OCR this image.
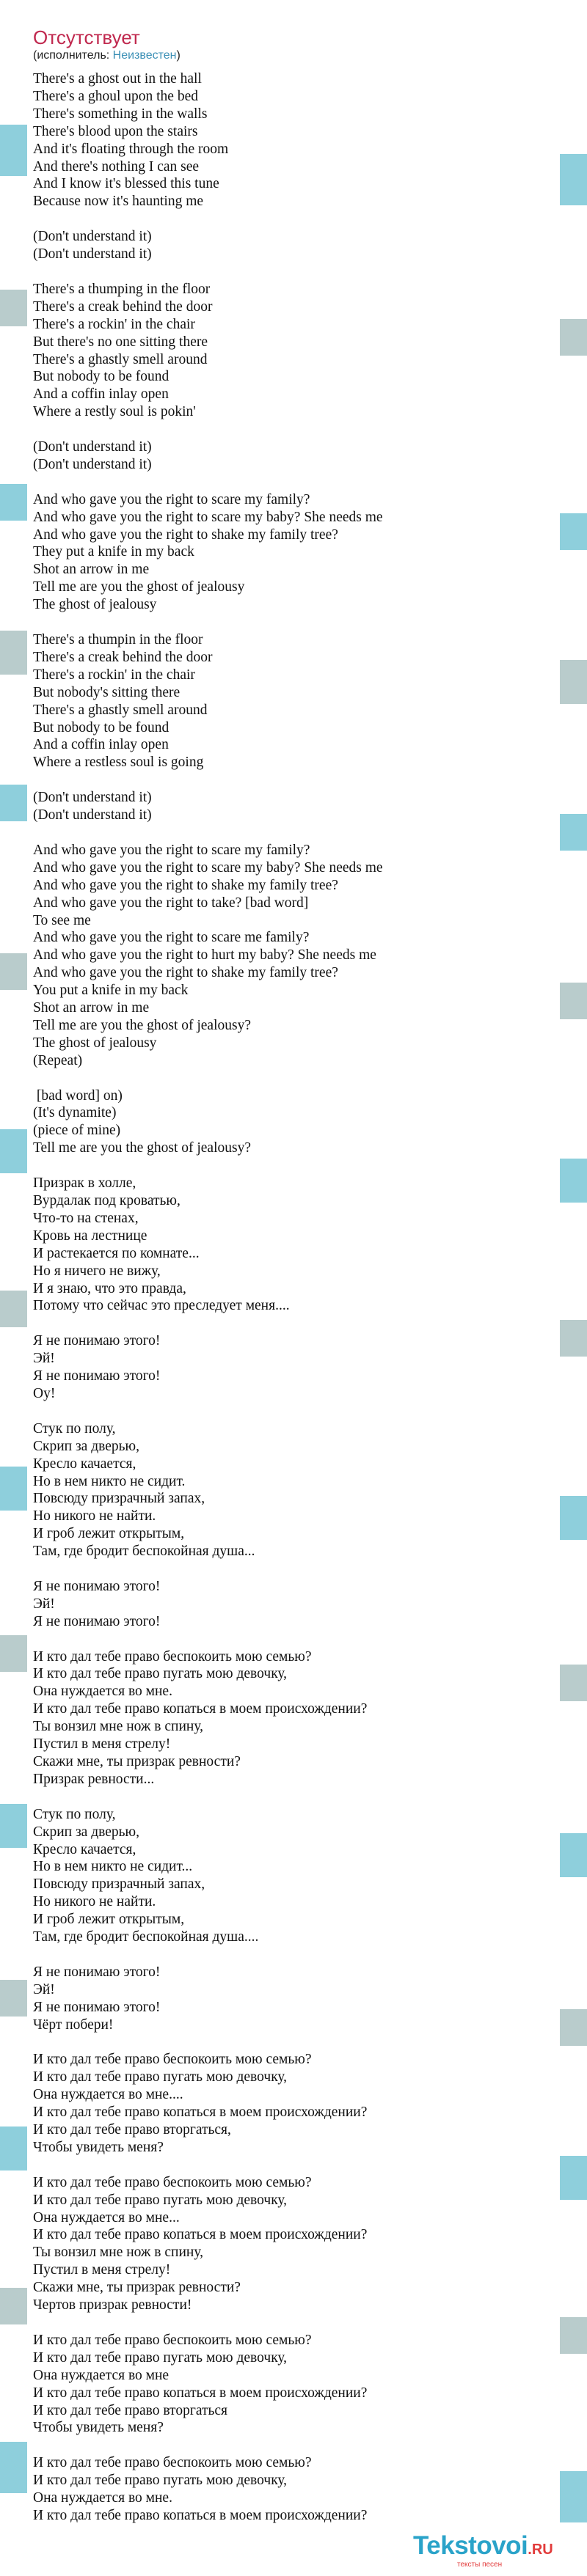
Отсутствует
(исполнитель: Неизвестен)
There's a ghost out in the hall
There's a ghoul upon the bed
There's something in the walls
There's blood upon the stairs
And it's floating through the room
And there's nothing I can see
And I know it's blessed this tune
Because now it's haunting me

(Don't understand it)
(Don't understand it)

There's a thumping in the floor
There's a creak behind the door
There's a rockin' in the chair
But there's no one sitting there
There's a ghastly smell around
But nobody to be found
And a coffin inlay open
Where a restly soul is pokin'

(Don't understand it)
(Don't understand it)

And who gave you the right to scare my family?
And who gave you the right to scare my baby? She needs me
And who gave you the right to shake my family tree?
They put a knife in my back
Shot an arrow in me
Tell me are you the ghost of jealousy
The ghost of jealousy

There's a thumpin in the floor
There's a creak behind the door
There's a rockin' in the chair
But nobody's sitting there
There's a ghastly smell around
But nobody to be found
And a coffin inlay open
Where a restless soul is going

(Don't understand it)
(Don't understand it)

And who gave you the right to scare my family?
And who gave you the right to scare my baby? She needs me
And who gave you the right to shake my family tree?
And who gave you the right to take? [bad word]
To see me
And who gave you the right to scare me family?
And who gave you the right to hurt my baby? She needs me
And who gave you the right to shake my family tree?
You put a knife in my back
Shot an arrow in me
Tell me are you the ghost of jealousy?
The ghost of jealousy
(Repeat)

[bad word] on)
(It's dynamite)
(piece of mine)
Tell me are you the ghost of jealousy?

Призрак в холле,
Вурдалак под кроватью,
Что-то на стенах,
Кровь на лестнице
И растекается по комнате...
Но я ничего не вижу,
И я знаю, что это правда,
Потому что сейчас это преследует меня....

Я не понимаю этого!
Эй!
Я не понимаю этого!
Оу!

Стук по полу,
Скрип за дверью,
Кресло качается,
Но в нем никто не сидит.
Повсюду призрачный запах,
Но никого не найти.
И гроб лежит открытым,
Там, где бродит беспокойная душа...

Я не понимаю этого!
Эй!
Я не понимаю этого!

И кто дал тебе право беспокоить мою семью?
И кто дал тебе право пугать мою девочку,
Она нуждается во мне.
И кто дал тебе право копаться в моем происхождении?
Ты вонзил мне нож в спину,
Пустил в меня стрелу!
Скажи мне, ты призрак ревности?
Призрак ревности...

Стук по полу,
Скрип за дверью,
Кресло качается,
Но в нем никто не сидит...
Повсюду призрачный запах,
Но никого не найти.
И гроб лежит открытым,
Там, где бродит беспокойная душа....

Я не понимаю этого!
Эй!
Я не понимаю этого!
Чёрт побери!

И кто дал тебе право беспокоить мою семью?
И кто дал тебе право пугать мою девочку,
Она нуждается во мне....
И кто дал тебе право копаться в моем происхождении?
И кто дал тебе право вторгаться,
Чтобы увидеть меня?

И кто дал тебе право беспокоить мою семью?
И кто дал тебе право пугать мою девочку,
Она нуждается во мне...
И кто дал тебе право копаться в моем происхождении?
Ты вонзил мне нож в спину,
Пустил в меня стрелу!
Скажи мне, ты призрак ревности?
Чертов призрак ревности!

И кто дал тебе право беспокоить мою семью?
И кто дал тебе право пугать мою девочку,
Она нуждается во мне
И кто дал тебе право копаться в моем происхождении?
И кто дал тебе право вторгаться
Чтобы увидеть меня?

И кто дал тебе право беспокоить мою семью?
И кто дал тебе право пугать мою девочку,
Она нуждается во мне.
И кто дал тебе право копаться в моем происхождении?
Tekstovoi.RU
тексты песен
